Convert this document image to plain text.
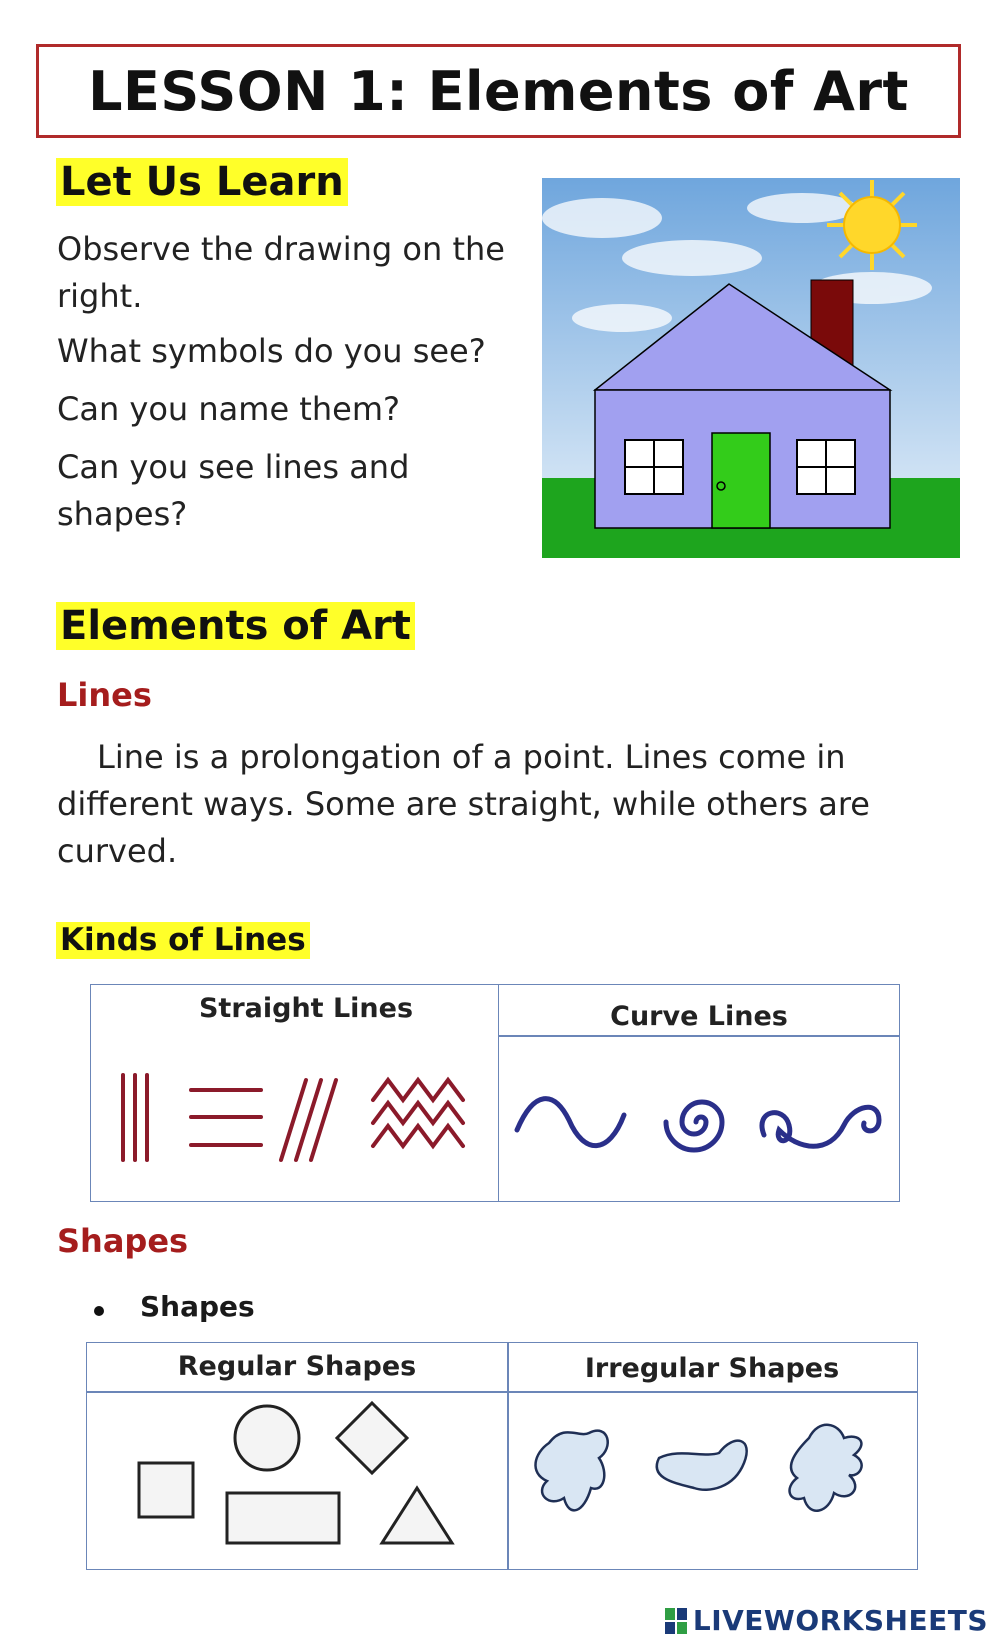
LESSON 1: Elements of Art
Let Us Learn

Observe the drawing on the right.

What symbols do you see?

Can you name them?

Can you see lines and shapes?

Elements of Art
Lines

Line is a prolongation of a point. Lines come in different ways. Some are straight, while others are curved.

Kinds of Lines
Straight Lines	Curve Lines
Shapes
Shapes
Regular Shapes	Irregular Shapes
LIVEWORKSHEETS
